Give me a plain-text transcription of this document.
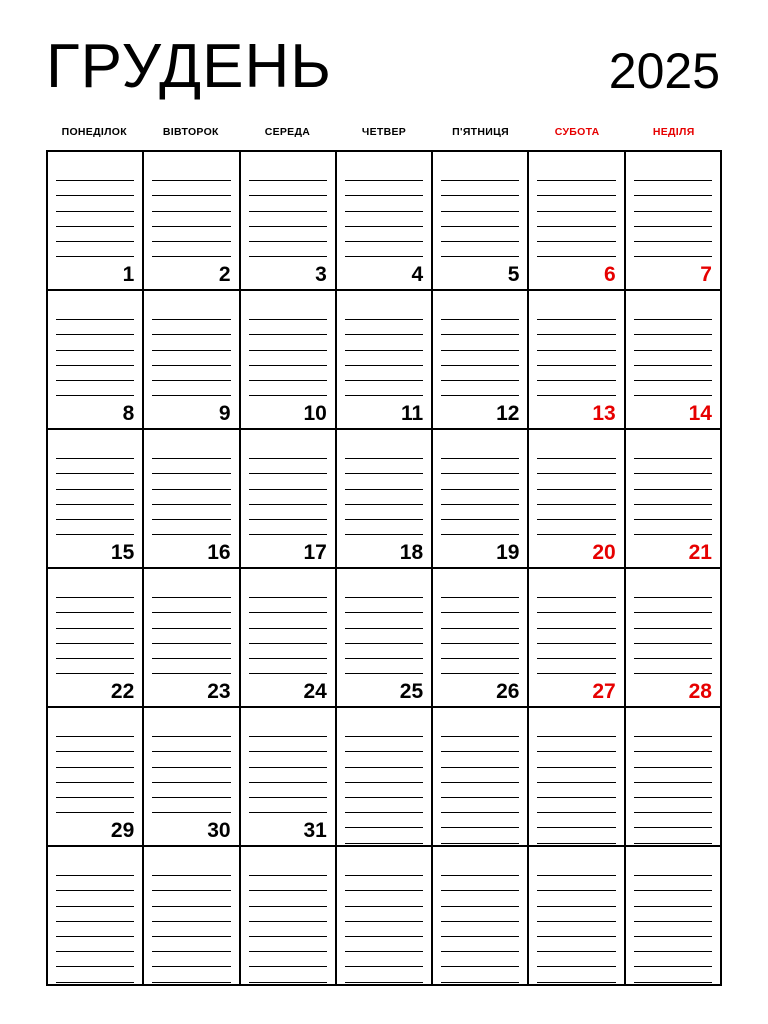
ГРУДЕНЬ	2025
ПОНЕДІЛОК	ВІВТОРОК	СЕРЕДА	ЧЕТВЕР	П'ЯТНИЦЯ	СУБОТА	НЕДІЛЯ
1	2	3	4	5	6	7
8	9	10	11	12	13	14
15	16	17	18	19	20	21
22	23	24	25	26	27	28
29	30	31
